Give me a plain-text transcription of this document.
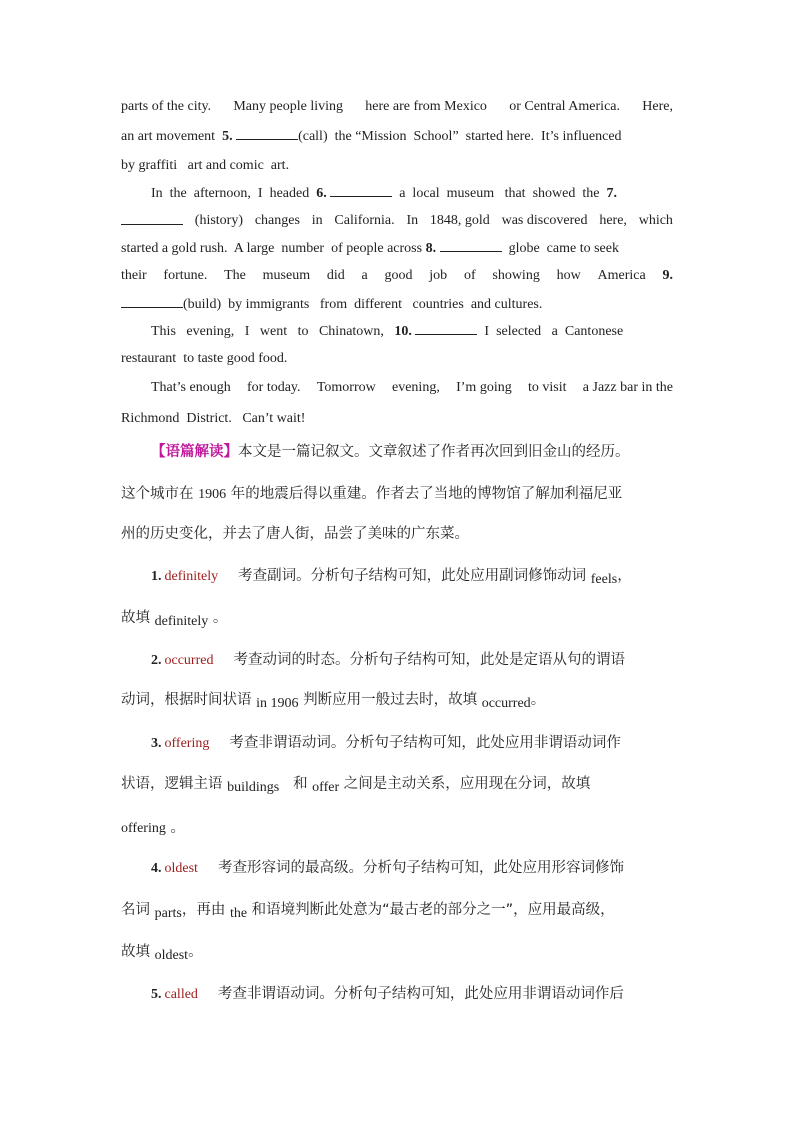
parts of the city. Many people living here are from Mexico or Central America. Here,
an art movement 5.	(call)  the “Mission  School”  started here.  It’s influenced
by graffiti   art and comic  art.
In  the  afternoon,  I  headed 6.	a  local  museum   that  showed  the 7.
(history) changes in California. In 1848, gold was discovered here, which
started a gold rush.  A large  number  of people across 8.	globe  came to seek
their fortune. The museum did a good job of showing how America 9.
(build)  by immigrants   from  different   countries  and cultures.
This   evening,   I   went   to   Chinatown, 10.	I  selected   a  Cantonese
restaurant  to taste good food.
That’s enough for today. Tomorrow evening, I’m going to visit a Jazz bar in the
Richmond  District.   Can’t wait!
【语篇解读】本文是一篇记叙文。文章叙述了作者再次回到旧金山的经历。
这个城市在 1906 年的地震后得以重建。作者去了当地的博物馆了解加利福尼亚
州的历史变化，并去了唐人街，品尝了美味的广东菜。
1. definitely 考查副词。分析句子结构可知，此处应用副词修饰动词 feels，
故填 definitely 。
2. occurred 考查动词的时态。分析句子结构可知，此处是定语从句的谓语
动词，根据时间状语 in 1906 判断应用一般过去时，故填 occurred。
3. offering 考查非谓语动词。分析句子结构可知，此处应用非谓语动词作
状语，逻辑主语 buildings 和 offer 之间是主动关系，应用现在分词，故填
offering 。
4. oldest 考查形容词的最高级。分析句子结构可知，此处应用形容词修饰
名词 parts，再由 the 和语境判断此处意为“最古老的部分之一”，应用最高级，
故填 oldest。
5. called 考查非谓语动词。分析句子结构可知，此处应用非谓语动词作后
